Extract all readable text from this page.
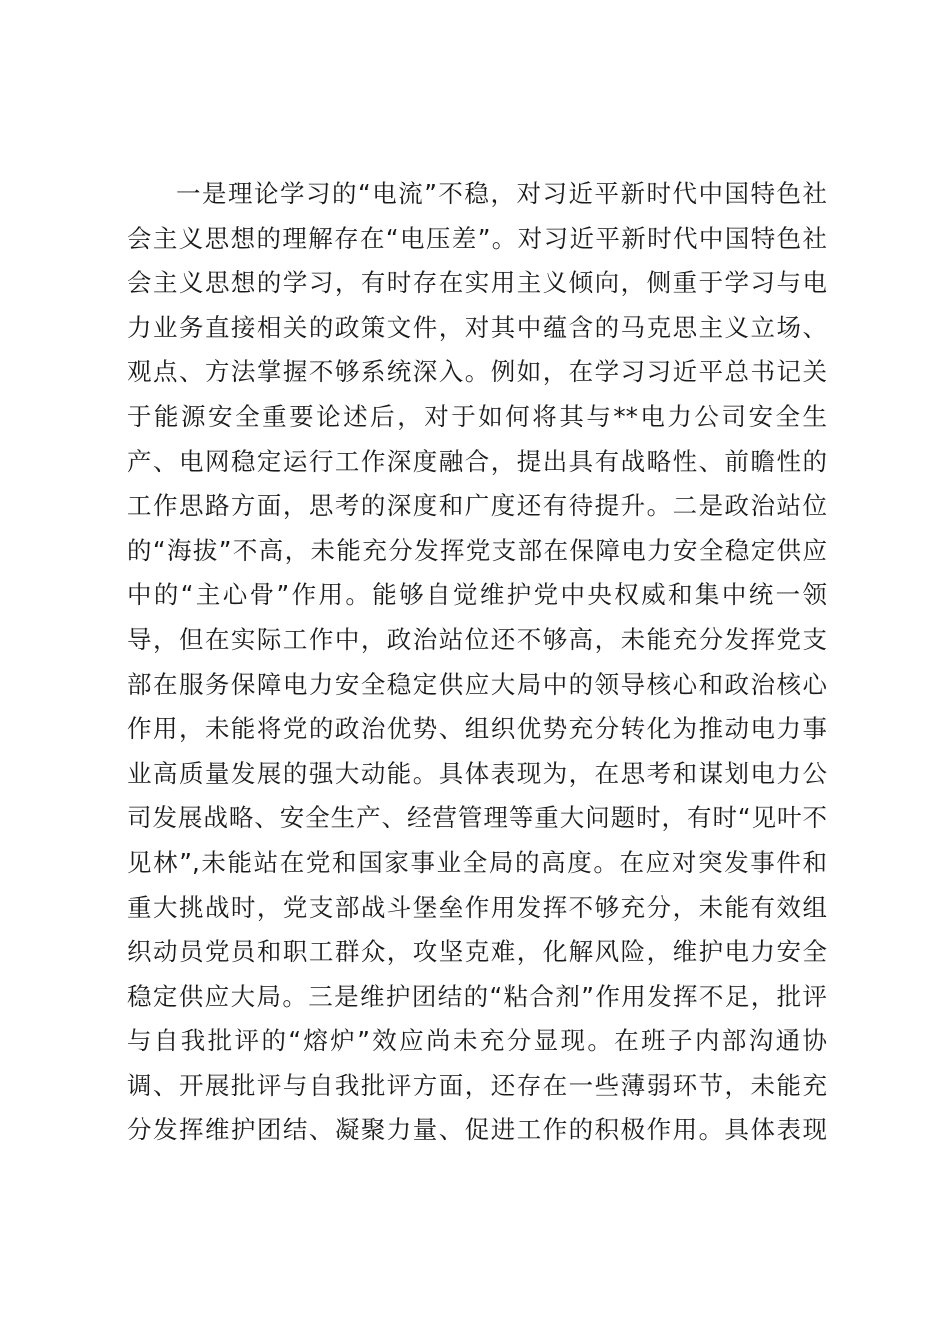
一是理论学习的“电流”不稳，对习近平新时代中国特色社
会主义思想的理解存在“电压差”。对习近平新时代中国特色社
会主义思想的学习，有时存在实用主义倾向，侧重于学习与电
力业务直接相关的政策文件，对其中蕴含的马克思主义立场、
观点、方法掌握不够系统深入。例如，在学习习近平总书记关
于能源安全重要论述后，对于如何将其与**电力公司安全生
产、电网稳定运行工作深度融合，提出具有战略性、前瞻性的
工作思路方面，思考的深度和广度还有待提升。二是政治站位
的“海拔”不高，未能充分发挥党支部在保障电力安全稳定供应
中的“主心骨”作用。能够自觉维护党中央权威和集中统一领
导，但在实际工作中，政治站位还不够高，未能充分发挥党支
部在服务保障电力安全稳定供应大局中的领导核心和政治核心
作用，未能将党的政治优势、组织优势充分转化为推动电力事
业高质量发展的强大动能。具体表现为，在思考和谋划电力公
司发展战略、安全生产、经营管理等重大问题时，有时“见叶不
见林”,未能站在党和国家事业全局的高度。在应对突发事件和
重大挑战时，党支部战斗堡垒作用发挥不够充分，未能有效组
织动员党员和职工群众，攻坚克难，化解风险，维护电力安全
稳定供应大局。三是维护团结的“粘合剂”作用发挥不足，批评
与自我批评的“熔炉”效应尚未充分显现。在班子内部沟通协
调、开展批评与自我批评方面，还存在一些薄弱环节，未能充
分发挥维护团结、凝聚力量、促进工作的积极作用。具体表现
